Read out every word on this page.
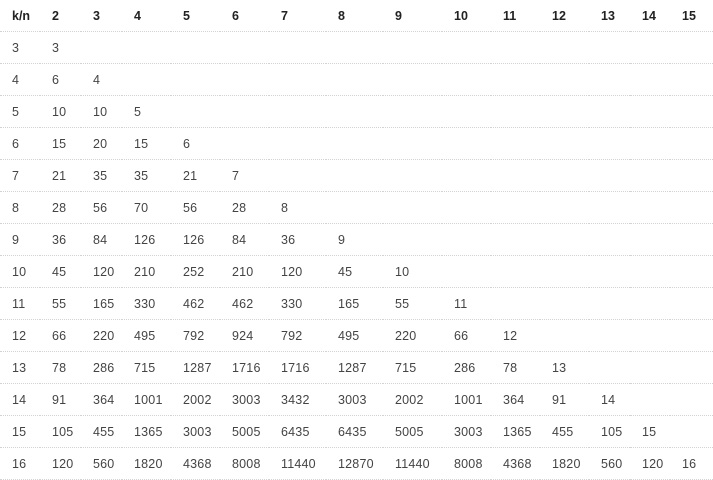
k/n	2	3	4	5	6	7	8	9	10	11	12	13	14	15
3	3													
4	6	4												
5	10	10	5											
6	15	20	15	6										
7	21	35	35	21	7									
8	28	56	70	56	28	8								
9	36	84	126	126	84	36	9							
10	45	120	210	252	210	120	45	10						
11	55	165	330	462	462	330	165	55	11					
12	66	220	495	792	924	792	495	220	66	12				
13	78	286	715	1287	1716	1716	1287	715	286	78	13			
14	91	364	1001	2002	3003	3432	3003	2002	1001	364	91	14		
15	105	455	1365	3003	5005	6435	6435	5005	3003	1365	455	105	15	
16	120	560	1820	4368	8008	11440	12870	11440	8008	4368	1820	560	120	16
